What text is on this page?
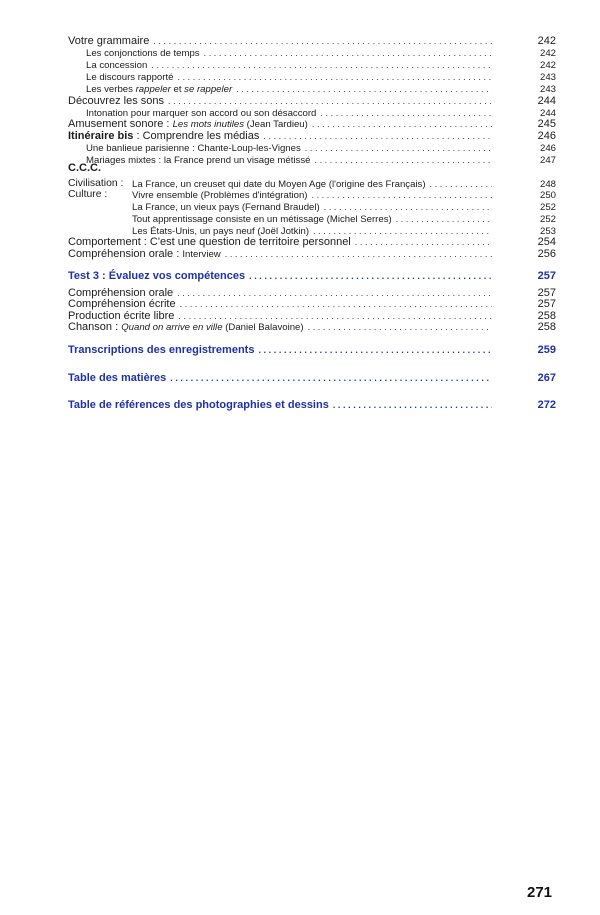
Votre grammaire .....	242
Les conjonctions de temps .....	242
La concession .....	242
Le discours rapporté .....	243
Les verbes rappeler et se rappeler .....	243
Découvrez les sons .....	244
Intonation pour marquer son accord ou son désaccord .....	244
Amusement sonore : Les mots inutiles (Jean Tardieu) .....	245
Itinéraire bis : Comprendre les médias .....	246
Une banlieue parisienne : Chante-Loup-les-Vignes .....	246
Mariages mixtes : la France prend un visage métissé .....	247
C.C.C.
Civilisation : La France, un creuset qui date du Moyen Age (l'origine des Français) .....	248
Culture :	Vivre ensemble (Problèmes d'intégration) .....	250
La France, un vieux pays (Fernand Braudel) .....	252
Tout apprentissage consiste en un métissage (Michel Serres) .....	252
Les États-Unis, un pays neuf (Joël Jotkin) .....	253
Comportement : C'est une question de territoire personnel .....	254
Compréhension orale : Interview .....	256
Test 3 : Évaluez vos compétences .....	257
Compréhension orale .....	257
Compréhension écrite .....	257
Production écrite libre .....	258
Chanson : Quand on arrive en ville (Daniel Balavoine) .....	258
Transcriptions des enregistrements .....	259
Table des matières .....	267
Table de références des photographies et dessins .....	272
271
